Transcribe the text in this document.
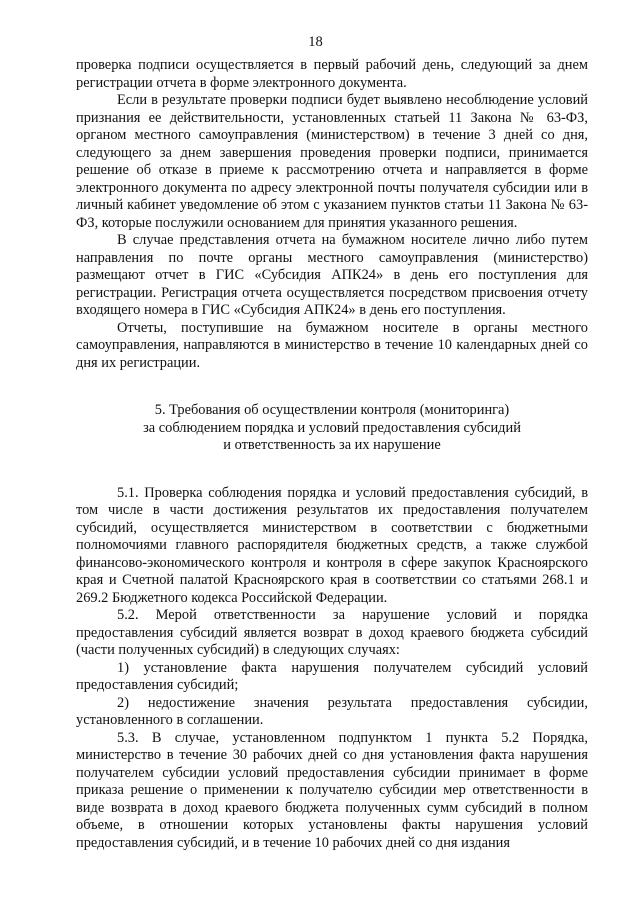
18

проверка подписи осуществляется в первый рабочий день, следующий за днем регистрации отчета в форме электронного документа.

Если в результате проверки подписи будет выявлено несоблюдение условий признания ее действительности, установленных статьей 11 Закона № 63-ФЗ, органом местного самоуправления (министерством) в течение 3 дней со дня, следующего за днем завершения проведения проверки подписи, принимается решение об отказе в приеме к рассмотрению отчета и направляется в форме электронного документа по адресу электронной почты получателя субсидии или в личный кабинет уведомление об этом с указанием пунктов статьи 11 Закона № 63-ФЗ, которые послужили основанием для принятия указанного решения.

В случае представления отчета на бумажном носителе лично либо путем направления по почте органы местного самоуправления (министерство) размещают отчет в ГИС «Субсидия АПК24» в день его поступления для регистрации. Регистрация отчета осуществляется посредством присвоения отчету входящего номера в ГИС «Субсидия АПК24» в день его поступления.

Отчеты, поступившие на бумажном носителе в органы местного самоуправления, направляются в министерство в течение 10 календарных дней со дня их регистрации.

5. Требования об осуществлении контроля (мониторинга)
за соблюдением порядка и условий предоставления субсидий
и ответственность за их нарушение

5.1. Проверка соблюдения порядка и условий предоставления субсидий, в том числе в части достижения результатов их предоставления получателем субсидий, осуществляется министерством в соответствии с бюджетными полномочиями главного распорядителя бюджетных средств, а также службой финансово-экономического контроля и контроля в сфере закупок Красноярского края и Счетной палатой Красноярского края в соответствии со статьями 268.1 и 269.2 Бюджетного кодекса Российской Федерации.

5.2. Мерой ответственности за нарушение условий и порядка предоставления субсидий является возврат в доход краевого бюджета субсидий (части полученных субсидий) в следующих случаях:

1) установление факта нарушения получателем субсидий условий предоставления субсидий;

2) недостижение значения результата предоставления субсидии, установленного в соглашении.

5.3. В случае, установленном подпунктом 1 пункта 5.2 Порядка, министерство в течение 30 рабочих дней со дня установления факта нарушения получателем субсидии условий предоставления субсидии принимает в форме приказа решение о применении к получателю субсидии мер ответственности в виде возврата в доход краевого бюджета полученных сумм субсидий в полном объеме, в отношении которых установлены факты нарушения условий предоставления субсидий, и в течение 10 рабочих дней со дня издания
